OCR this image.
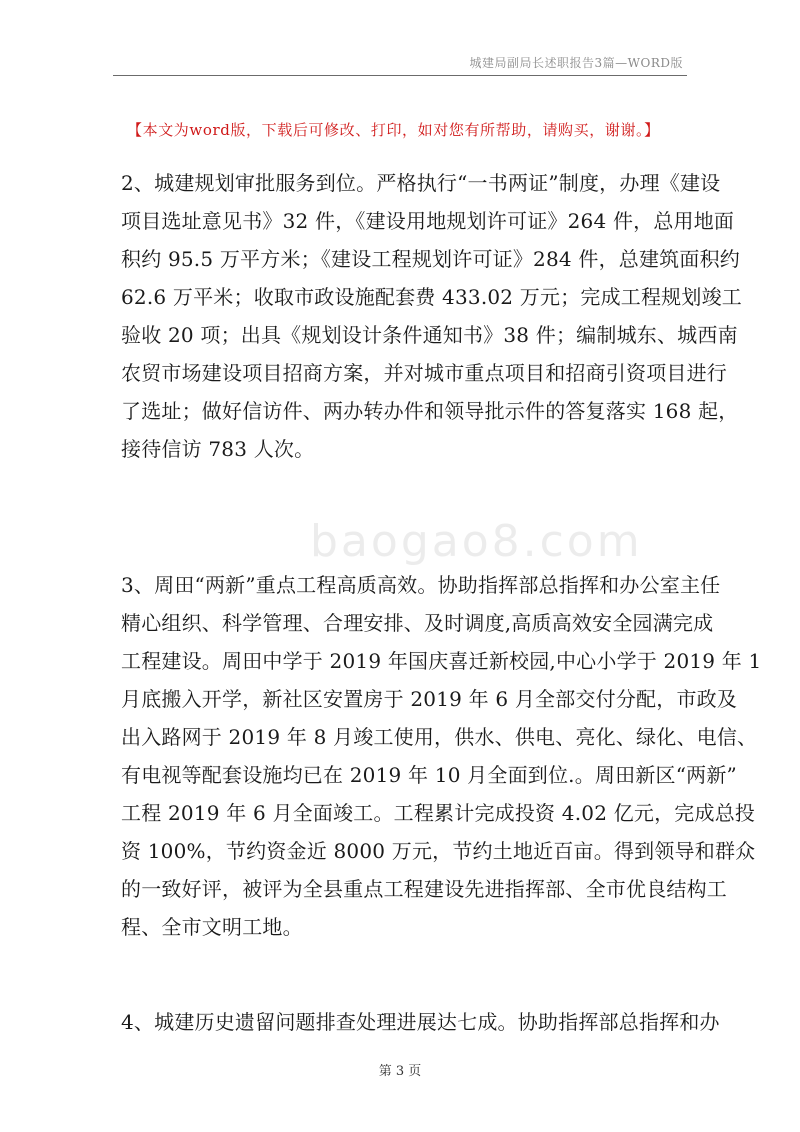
城建局副局长述职报告3篇—WORD版
【本文为word版，下载后可修改、打印，如对您有所帮助，请购买，谢谢。】
baogao8.com
2、城建规划审批服务到位。严格执行“一书两证”制度，办理《建设
项目选址意见书》32 件，《建设用地规划许可证》264 件，总用地面
积约 95.5 万平方米；《建设工程规划许可证》284 件，总建筑面积约
62.6 万平米；收取市政设施配套费 433.02 万元；完成工程规划竣工
验收 20 项；出具《规划设计条件通知书》38 件；编制城东、城西南
农贸市场建设项目招商方案，并对城市重点项目和招商引资项目进行
了选址；做好信访件、两办转办件和领导批示件的答复落实 168 起，
接待信访 783 人次。
3、周田“两新”重点工程高质高效。协助指挥部总指挥和办公室主任
精心组织、科学管理、合理安排、及时调度,高质高效安全园满完成
工程建设。周田中学于 2019 年国庆喜迁新校园,中心小学于 2019 年 1
月底搬入开学，新社区安置房于 2019 年 6 月全部交付分配，市政及
出入路网于 2019 年 8 月竣工使用，供水、供电、亮化、绿化、电信、
有电视等配套设施均已在 2019 年 10 月全面到位.。周田新区“两新”
工程 2019 年 6 月全面竣工。工程累计完成投资 4.02 亿元，完成总投
资 100%，节约资金近 8000 万元，节约土地近百亩。得到领导和群众
的一致好评，被评为全县重点工程建设先进指挥部、全市优良结构工
程、全市文明工地。
4、城建历史遗留问题排查处理进展达七成。协助指挥部总指挥和办
第 3 页
